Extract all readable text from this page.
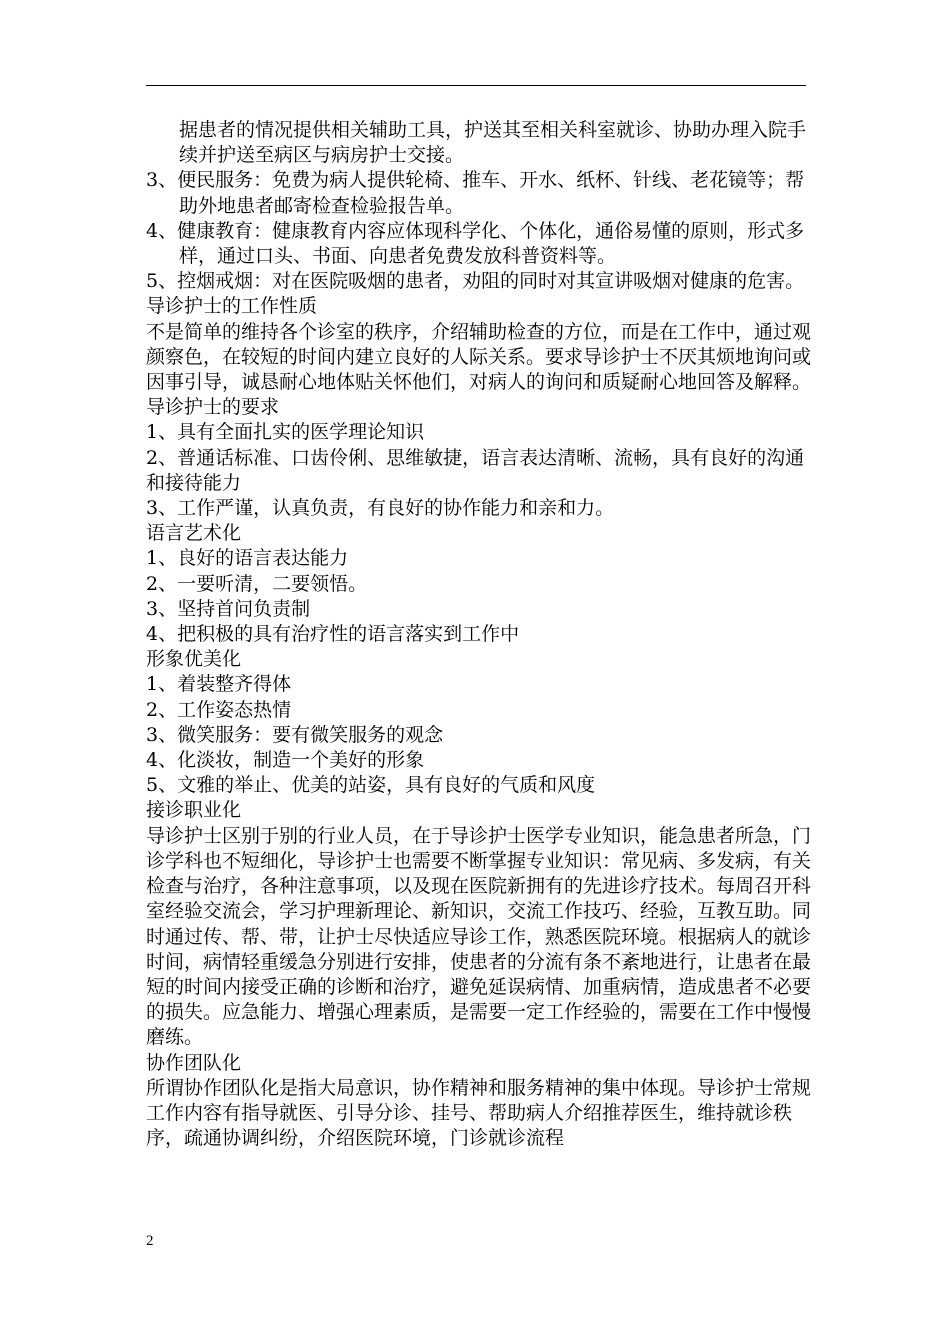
据患者的情况提供相关辅助工具，护送其至相关科室就诊、协助办理入院手续并护送至病区与病房护士交接。

3、便民服务：免费为病人提供轮椅、推车、开水、纸杯、针线、老花镜等；帮助外地患者邮寄检查检验报告单。

4、健康教育：健康教育内容应体现科学化、个体化，通俗易懂的原则，形式多样，通过口头、书面、向患者免费发放科普资料等。

5、控烟戒烟：对在医院吸烟的患者，劝阻的同时对其宣讲吸烟对健康的危害。

导诊护士的工作性质

不是简单的维持各个诊室的秩序，介绍辅助检查的方位，而是在工作中，通过观颜察色，在较短的时间内建立良好的人际关系。要求导诊护士不厌其烦地询问或因事引导，诚恳耐心地体贴关怀他们，对病人的询问和质疑耐心地回答及解释。

导诊护士的要求

1、具有全面扎实的医学理论知识

2、普通话标准、口齿伶俐、思维敏捷，语言表达清晰、流畅，具有良好的沟通和接待能力

3、工作严谨，认真负责，有良好的协作能力和亲和力。

语言艺术化

1、良好的语言表达能力

2、一要听清，二要领悟。

3、坚持首问负责制

4、把积极的具有治疗性的语言落实到工作中

形象优美化

1、着装整齐得体

2、工作姿态热情

3、微笑服务：要有微笑服务的观念

4、化淡妆，制造一个美好的形象

5、文雅的举止、优美的站姿，具有良好的气质和风度

接诊职业化

导诊护士区别于别的行业人员，在于导诊护士医学专业知识，能急患者所急，门诊学科也不短细化，导诊护士也需要不断掌握专业知识：常见病、多发病，有关检查与治疗，各种注意事项，以及现在医院新拥有的先进诊疗技术。每周召开科室经验交流会，学习护理新理论、新知识，交流工作技巧、经验，互教互助。同时通过传、帮、带，让护士尽快适应导诊工作，熟悉医院环境。根据病人的就诊时间，病情轻重缓急分别进行安排，使患者的分流有条不紊地进行，让患者在最短的时间内接受正确的诊断和治疗，避免延误病情、加重病情，造成患者不必要的损失。应急能力、增强心理素质，是需要一定工作经验的，需要在工作中慢慢磨练。

协作团队化

所谓协作团队化是指大局意识，协作精神和服务精神的集中体现。导诊护士常规工作内容有指导就医、引导分诊、挂号、帮助病人介绍推荐医生，维持就诊秩序，疏通协调纠纷，介绍医院环境，门诊就诊流程

2
